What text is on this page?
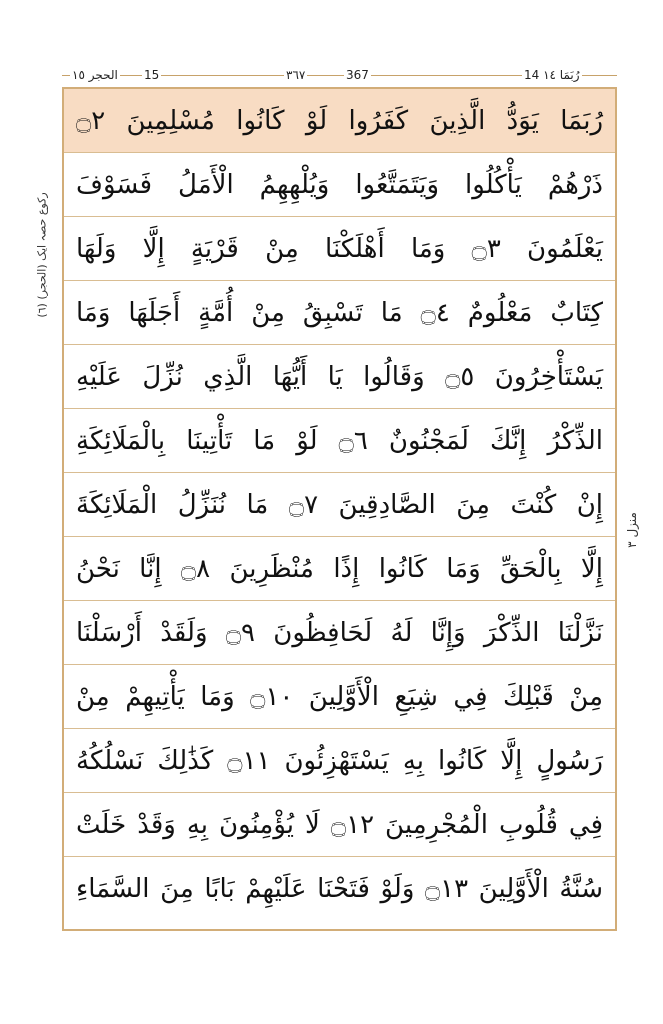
الحجر ١٥ 15	٣٦٧	367	14 رُبَمَا ١٤
(٦) رکوع حصہ ایک (الحجر)
منزل ٣
رُبَمَا يَوَدُّ الَّذِينَ كَفَرُوا لَوْ كَانُوا مُسْلِمِينَ ۝٢
ذَرْهُمْ يَأْكُلُوا وَيَتَمَتَّعُوا وَيُلْهِهِمُ الْأَمَلُ فَسَوْفَ
يَعْلَمُونَ ۝٣ وَمَا أَهْلَكْنَا مِنْ قَرْيَةٍ إِلَّا وَلَهَا
كِتَابٌ مَعْلُومٌ ۝٤ مَا تَسْبِقُ مِنْ أُمَّةٍ أَجَلَهَا وَمَا
يَسْتَأْخِرُونَ ۝٥ وَقَالُوا يَا أَيُّهَا الَّذِي نُزِّلَ عَلَيْهِ
الذِّكْرُ إِنَّكَ لَمَجْنُونٌ ۝٦ لَوْ مَا تَأْتِينَا بِالْمَلَائِكَةِ
إِنْ كُنْتَ مِنَ الصَّادِقِينَ ۝٧ مَا نُنَزِّلُ الْمَلَائِكَةَ
إِلَّا بِالْحَقِّ وَمَا كَانُوا إِذًا مُنْظَرِينَ ۝٨ إِنَّا نَحْنُ
نَزَّلْنَا الذِّكْرَ وَإِنَّا لَهُ لَحَافِظُونَ ۝٩ وَلَقَدْ أَرْسَلْنَا
مِنْ قَبْلِكَ فِي شِيَعِ الْأَوَّلِينَ ۝١٠ وَمَا يَأْتِيهِمْ مِنْ
رَسُولٍ إِلَّا كَانُوا بِهِ يَسْتَهْزِئُونَ ۝١١ كَذَٰلِكَ نَسْلُكُهُ
فِي قُلُوبِ الْمُجْرِمِينَ ۝١٢ لَا يُؤْمِنُونَ بِهِ وَقَدْ خَلَتْ
سُنَّةُ الْأَوَّلِينَ ۝١٣ وَلَوْ فَتَحْنَا عَلَيْهِمْ بَابًا مِنَ السَّمَاءِ
